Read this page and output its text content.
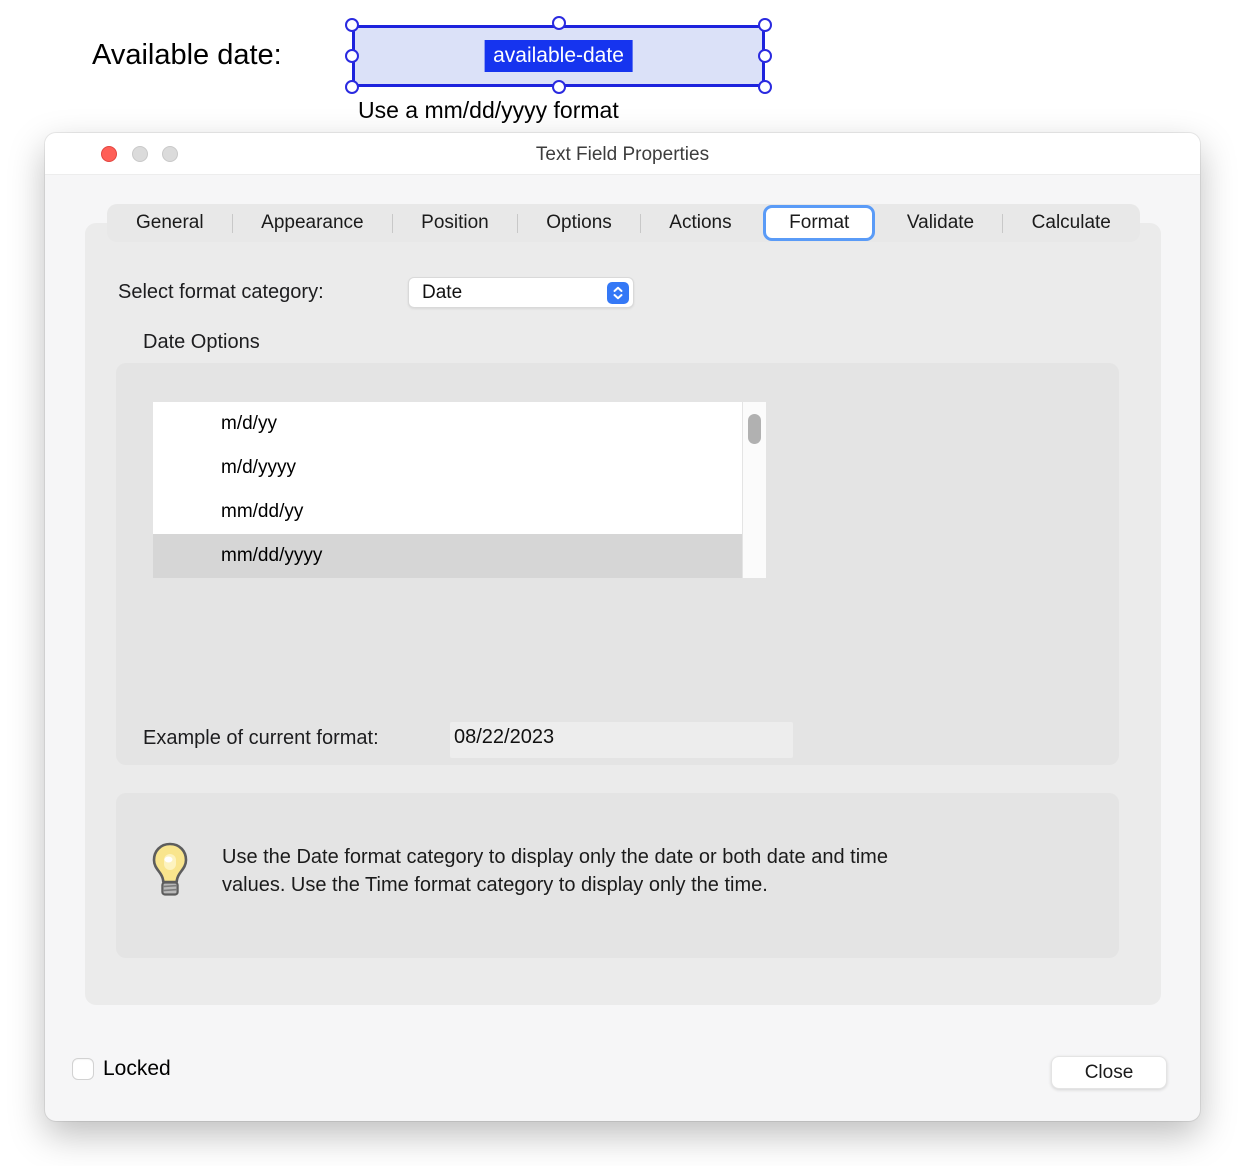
Available date:	available-date
Use a mm/dd/yyyy format
Text Field Properties
Select format category:	Date
Date Options
m/d/yy
m/d/yyyy
mm/dd/yy
mm/dd/yyyy
Example of current format:	08/22/2023
Use the Date format category to display only the date or both date and time
values. Use the Time format category to display only the time.
General	Appearance	Position	Options	Actions	Format	Validate	Calculate
Locked	Close
